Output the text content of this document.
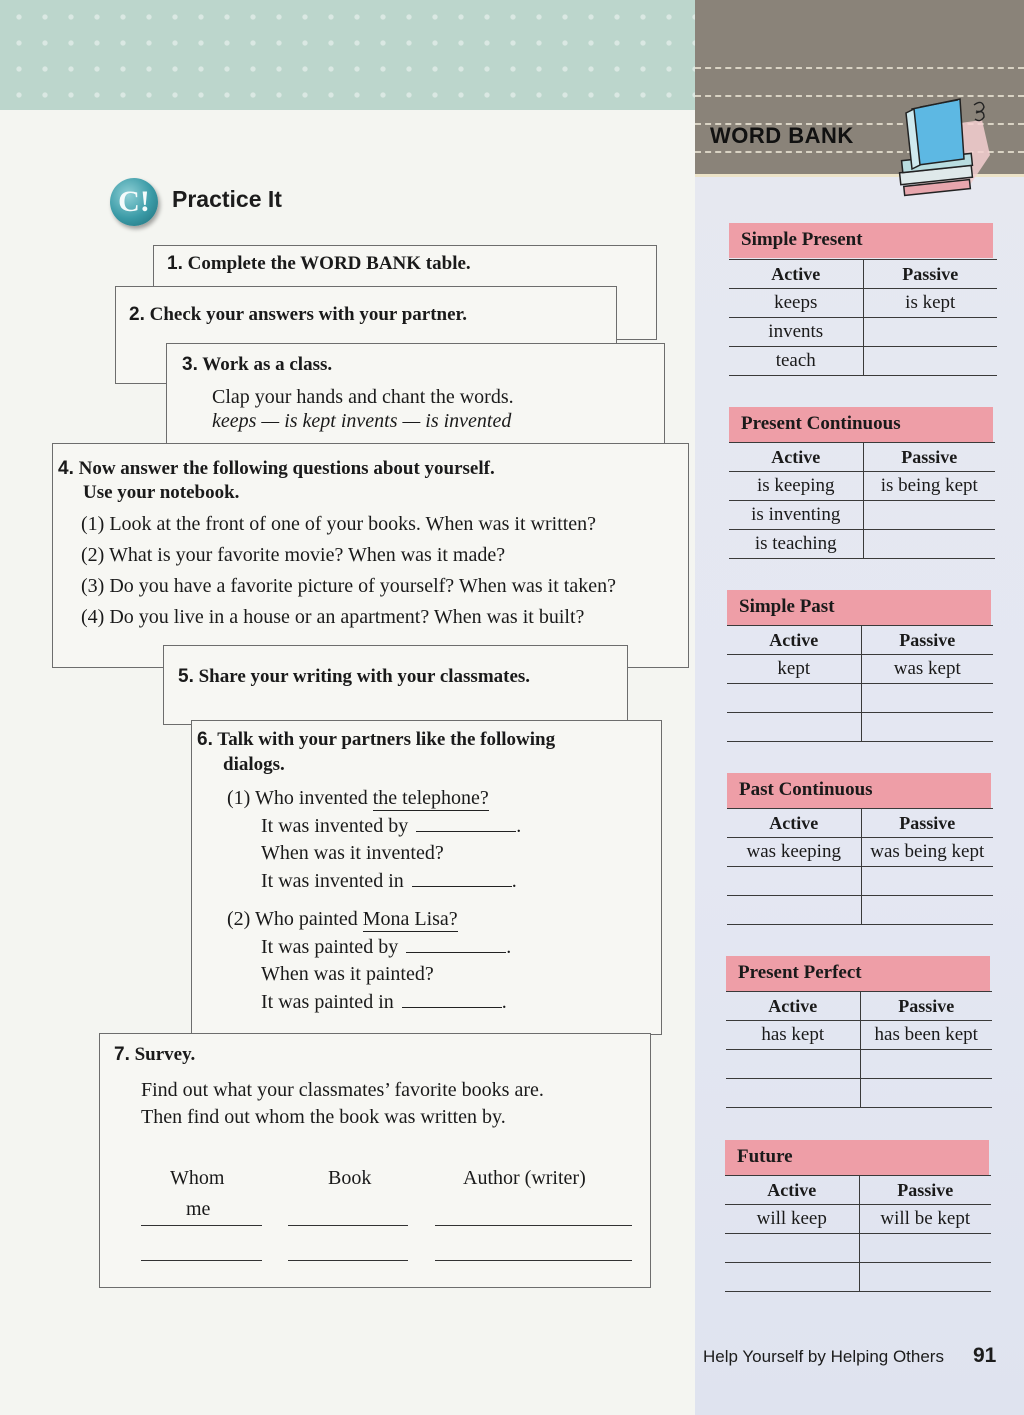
WORD BANK
Simple Present
Active	Passive
keeps	is kept
invents	
teach	
Present Continuous
Active	Passive
is keeping	is being kept
is inventing	
is teaching	
Simple Past
Active	Passive
kept	was kept

Past Continuous
Active	Passive
was keeping	was being kept

Present Perfect
Active	Passive
has kept	has been kept

Future
Active	Passive
will keep	will be kept

C! Practice It
1. Complete the WORD BANK table.
2. Check your answers with your partner.
3. Work as a class.
Clap your hands and chant the words.
keeps — is kept invents — is invented
4. Now answer the following questions about yourself.
Use your notebook.
(1) Look at the front of one of your books. When was it written?
(2) What is your favorite movie? When was it made?
(3) Do you have a favorite picture of yourself? When was it taken?
(4) Do you live in a house or an apartment? When was it built?
5. Share your writing with your classmates.
6. Talk with your partners like the following
dialogs.
(1) Who invented the telephone?
It was invented by	.
When was it invented?
It was invented in	.
(2) Who painted Mona Lisa?
It was painted by	.
When was it painted?
It was painted in	.
7. Survey.
Find out what your classmates’ favorite books are.
Then find out whom the book was written by.
Whom	Book	Author (writer)
me
Help Yourself by Helping Others 91
